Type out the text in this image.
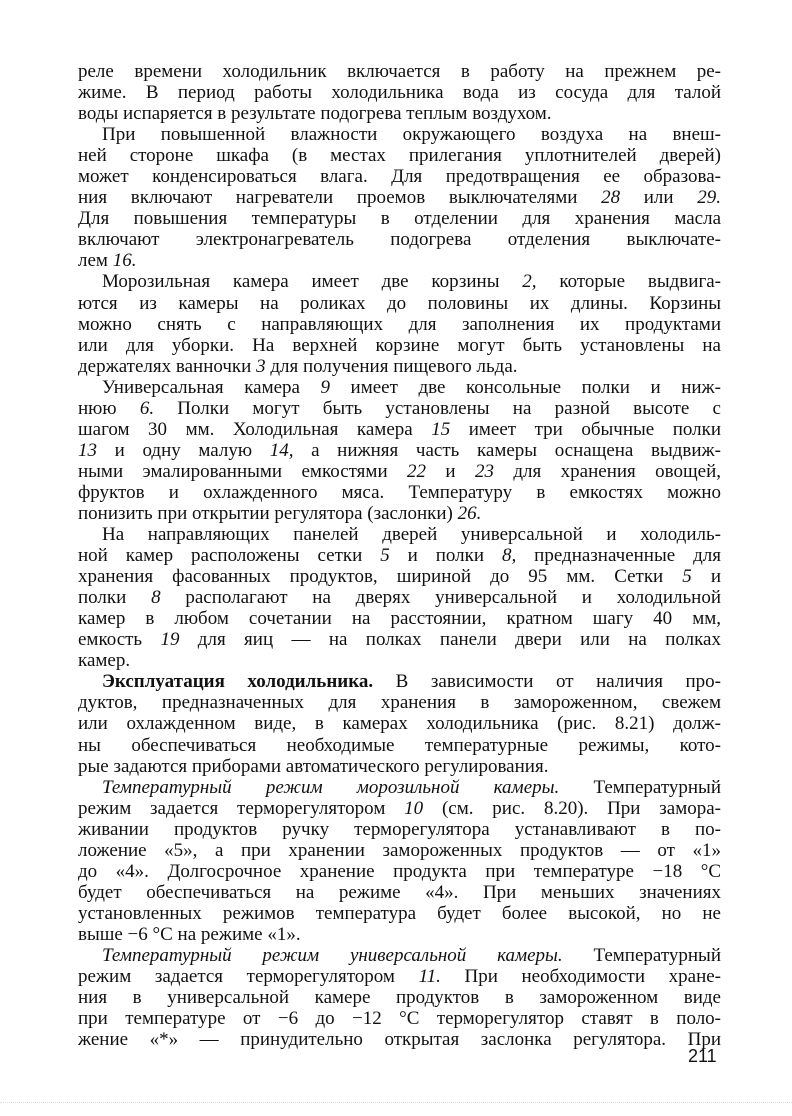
реле времени холодильник включается в работу на прежнем ре-
жиме. В период работы холодильника вода из сосуда для талой
воды испаряется в результате подогрева теплым воздухом.
При повышенной влажности окружающего воздуха на внеш-
ней стороне шкафа (в местах прилегания уплотнителей дверей)
может конденсироваться влага. Для предотвращения ее образова-
ния включают нагреватели проемов выключателями 28 или 29.
Для повышения температуры в отделении для хранения масла
включают электронагреватель подогрева отделения выключате-
лем 16.
Морозильная камера имеет две корзины 2, которые выдвига-
ются из камеры на роликах до половины их длины. Корзины
можно снять с направляющих для заполнения их продуктами
или для уборки. На верхней корзине могут быть установлены на
держателях ванночки 3 для получения пищевого льда.
Универсальная камера 9 имеет две консольные полки и ниж-
нюю 6. Полки могут быть установлены на разной высоте с
шагом 30 мм. Холодильная камера 15 имеет три обычные полки
13 и одну малую 14, а нижняя часть камеры оснащена выдвиж-
ными эмалированными емкостями 22 и 23 для хранения овощей,
фруктов и охлажденного мяса. Температуру в емкостях можно
понизить при открытии регулятора (заслонки) 26.
На направляющих панелей дверей универсальной и холодиль-
ной камер расположены сетки 5 и полки 8, предназначенные для
хранения фасованных продуктов, шириной до 95 мм. Сетки 5 и
полки 8 располагают на дверях универсальной и холодильной
камер в любом сочетании на расстоянии, кратном шагу 40 мм,
емкость 19 для яиц — на полках панели двери или на полках
камер.
Эксплуатация холодильника. В зависимости от наличия про-
дуктов, предназначенных для хранения в замороженном, свежем
или охлажденном виде, в камерах холодильника (рис. 8.21) долж-
ны обеспечиваться необходимые температурные режимы, кото-
рые задаются приборами автоматического регулирования.
Температурный режим морозильной камеры. Температурный
режим задается терморегулятором 10 (см. рис. 8.20). При замора-
живании продуктов ручку терморегулятора устанавливают в по-
ложение «5», а при хранении замороженных продуктов — от «1»
до «4». Долгосрочное хранение продукта при температуре −18 °С
будет обеспечиваться на режиме «4». При меньших значениях
установленных режимов температура будет более высокой, но не
выше −6 °С на режиме «1».
Температурный режим универсальной камеры. Температурный
режим задается терморегулятором 11. При необходимости хране-
ния в универсальной камере продуктов в замороженном виде
при температуре от −6 до −12 °С терморегулятор ставят в поло-
жение «*» — принудительно открытая заслонка регулятора. При
211
